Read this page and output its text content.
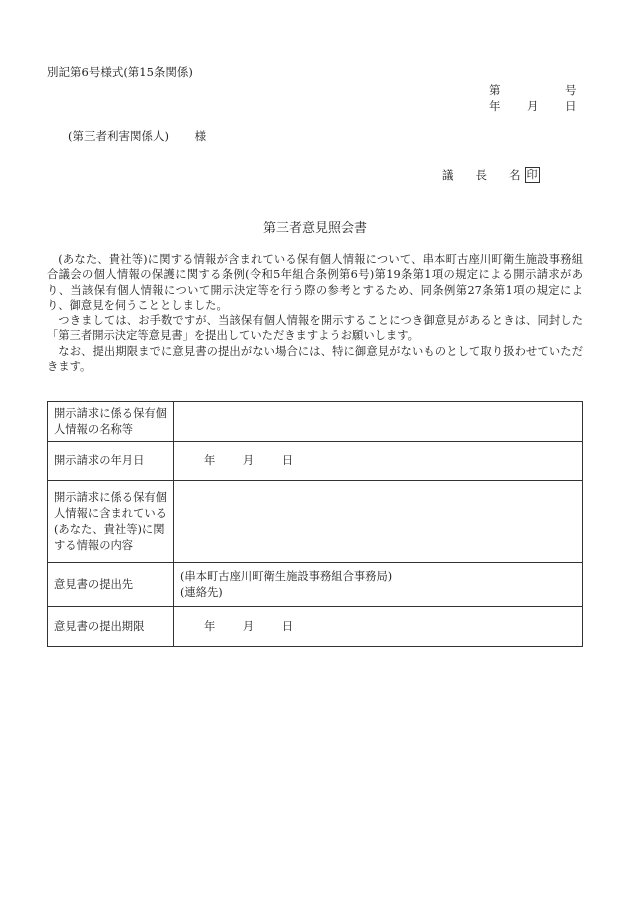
別記第6号様式(第15条関係)
第	号
年 月 日
(第三者利害関係人) 様
議 長 名 印
第三者意見照会書

(あなた、貴社等)に関する情報が含まれている保有個人情報について、串本町古座川町衛生施設事務組合議会の個人情報の保護に関する条例(令和5年組合条例第6号)第19条第1項の規定による開示請求があり、当該保有個人情報について開示決定等を行う際の参考とするため、同条例第27条第1項の規定により、御意見を伺うこととしました。

つきましては、お手数ですが、当該保有個人情報を開示することにつき御意見があるときは、同封した「第三者開示決定等意見書」を提出していただきますようお願いします。

なお、提出期限までに意見書の提出がない場合には、特に御意見がないものとして取り扱わせていただきます。

開示請求に係る保有個人情報の名称等	
開示請求の年月日	年 月 日
開示請求に係る保有個人情報に含まれている(あなた、貴社等)に関する情報の内容	
意見書の提出先	(串本町古座川町衛生施設事務組合事務局)
(連絡先)

意見書の提出期限	年 月 日
